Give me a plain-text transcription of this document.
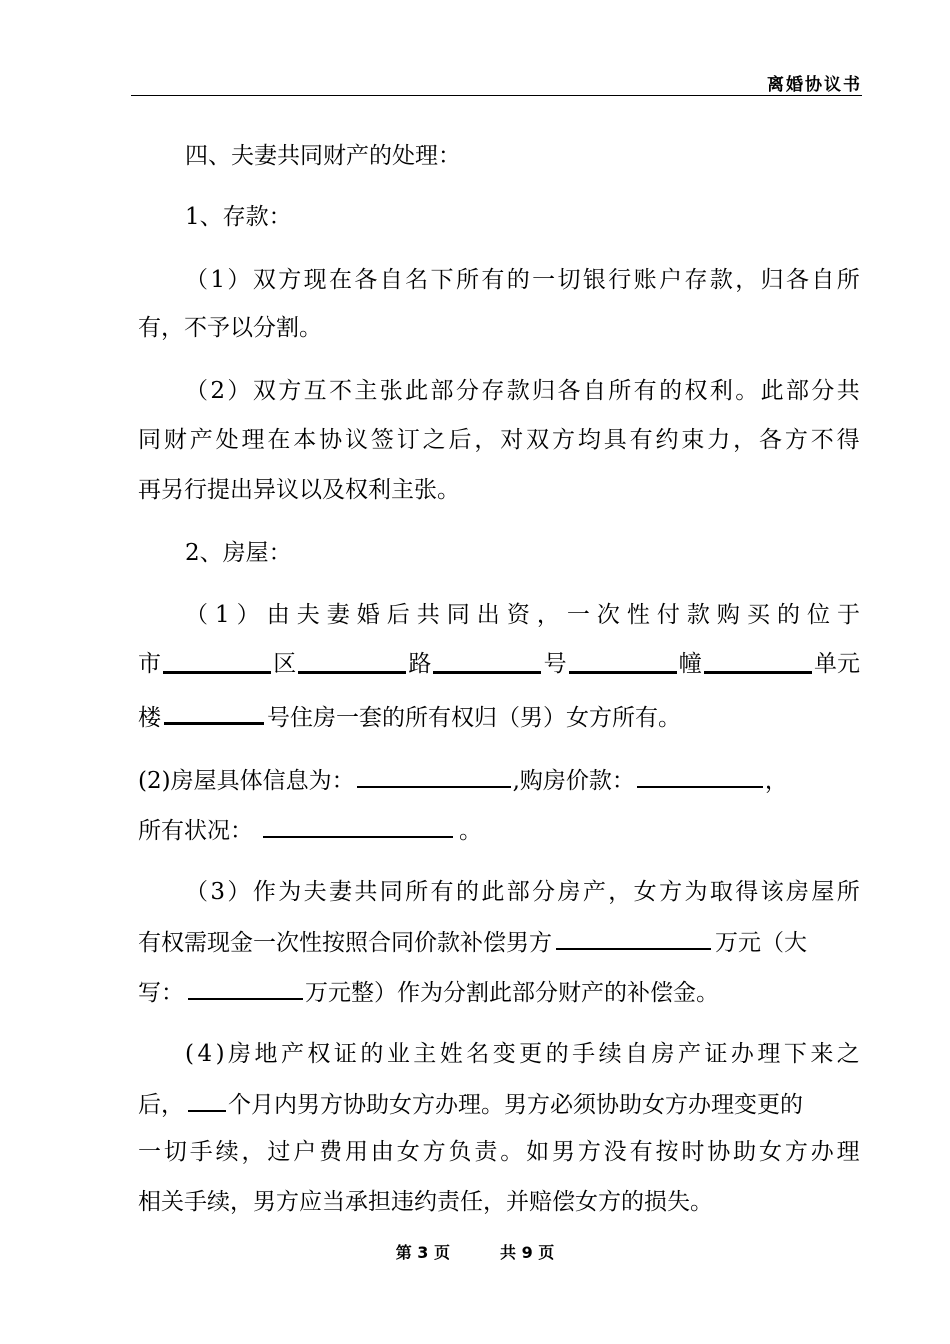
离婚协议书
四、夫妻共同财产的处理：
1、存款：
（ 1 ） 双 方 现 在 各 自 名 下 所 有 的 一 切 银 行 账 户 存 款 ， 归 各 自 所
有，不予以分割。
（ 2 ） 双 方 互 不 主 张 此 部 分 存 款 归 各 自 所 有 的 权 利 。 此 部 分 共
同 财 产 处 理 在 本 协 议 签 订 之 后 ， 对 双 方 均 具 有 约 束 力 ， 各 方 不 得
再另行提出异议以及权利主张。
2、房屋：
（ 1 ） 由 夫 妻 婚 后 共 同 出 资 ， 一 次 性 付 款 购 买 的 位 于
市	区	路	号	幢	单元
楼	号住房一套的所有权归（男）女方所有。
(2)房屋具体信息为：	,购房价款：	，
所有状况：	。
（ 3 ） 作 为 夫 妻 共 同 所 有 的 此 部 分 房 产 ， 女 方 为 取 得 该 房 屋 所
有权需现金一次性按照合同价款补偿男方	万元（大
写：	万元整）作为分割此部分财产的补偿金。
( 4 ) 房 地 产 权 证 的 业 主 姓 名 变 更 的 手 续 自 房 产 证 办 理 下 来 之
后， 个月内男方协助女方办理。男方必须协助女方办理变更的
一 切 手 续 ， 过 户 费 用 由 女 方 负 责 。 如 男 方 没 有 按 时 协 助 女 方 办 理
相关手续，男方应当承担违约责任，并赔偿女方的损失。
第 3 页	共 9 页
